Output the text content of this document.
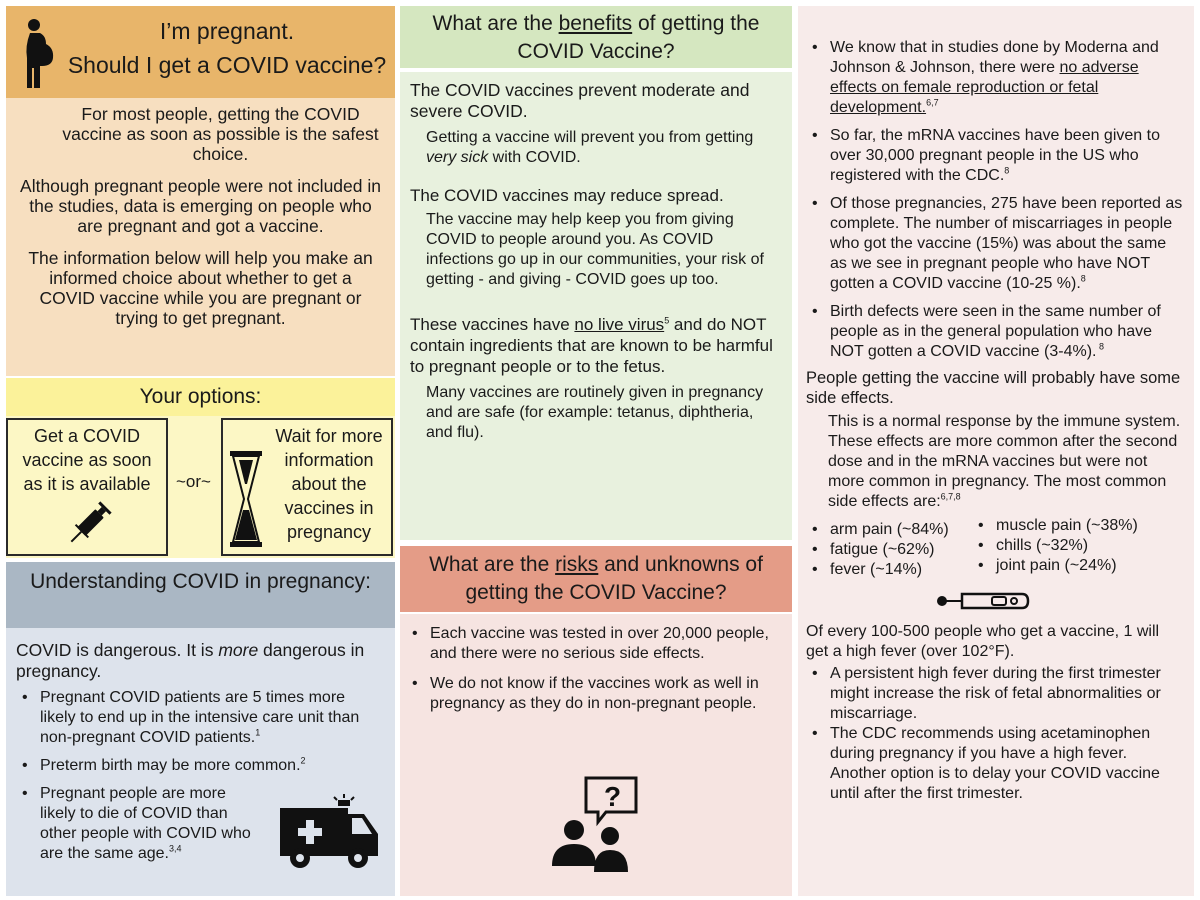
I’m pregnant.
Should I get a COVID vaccine?

For most people, getting the COVID vaccine as soon as possible is the safest choice.

Although pregnant people were not included in the studies, data is emerging on people who are pregnant and got a vaccine.

The information below will help you make an informed choice about whether to get a COVID vaccine while you are pregnant or trying to get pregnant.

Your options:
Get a COVID vaccine as soon as it is available	~or~
Wait for more information about the vaccines in pregnancy
Understanding COVID in pregnancy:

COVID is dangerous. It is more dangerous in pregnancy.

• Pregnant COVID patients are 5 times more likely to end up in the intensive care unit than non-pregnant COVID patients.$^1$
• Preterm birth may be more common.$^2$
• Pregnant people are more likely to die of COVID than other people with COVID who are the same age.$^{3,4}$
What are the benefits of getting the COVID Vaccine?

The COVID vaccines prevent moderate and severe COVID.

Getting a vaccine will prevent you from getting very sick with COVID.

The COVID vaccines may reduce spread.

The vaccine may help keep you from giving COVID to people around you. As COVID infections go up in our communities, your risk of getting - and giving - COVID goes up too.

These vaccines have no live virus$^5$ and do NOT contain ingredients that are known to be harmful to pregnant people or to the fetus.

Many vaccines are routinely given in pregnancy and are safe (for example: tetanus, diphtheria, and flu).

What are the risks and unknowns of getting the COVID Vaccine?
• Each vaccine was tested in over 20,000 people, and there were no serious side effects.
• We do not know if the vaccines work as well in pregnancy as they do in non-pregnant people.
?
• We know that in studies done by Moderna and Johnson & Johnson, there were no adverse effects on female reproduction or fetal development.$^{6,7}$
• So far, the mRNA vaccines have been given to over 30,000 pregnant people in the US who registered with the CDC.$^8$
• Of those pregnancies, 275 have been reported as complete. The number of miscarriages in people who got the vaccine (15%) was about the same as we see in pregnant people who have NOT gotten a COVID vaccine (10-25 %).$^8$
• Birth defects were seen in the same number of people as in the general population who have NOT gotten a COVID vaccine (3-4%). $^8$

People getting the vaccine will probably have some side effects.

This is a normal response by the immune system. These effects are more common after the second dose and in the mRNA vaccines but were not more common in pregnancy. The most common side effects are:$^{6,7,8}$

• arm pain (~84%)
• fatigue (~62%)
• fever (~14%)
• muscle pain (~38%)
• chills (~32%)
• joint pain (~24%)

Of every 100-500 people who get a vaccine, 1 will get a high fever (over 102°F).

• A persistent high fever during the first trimester might increase the risk of fetal abnormalities or miscarriage.
• The CDC recommends using acetaminophen during pregnancy if you have a high fever. Another option is to delay your COVID vaccine until after the first trimester.
